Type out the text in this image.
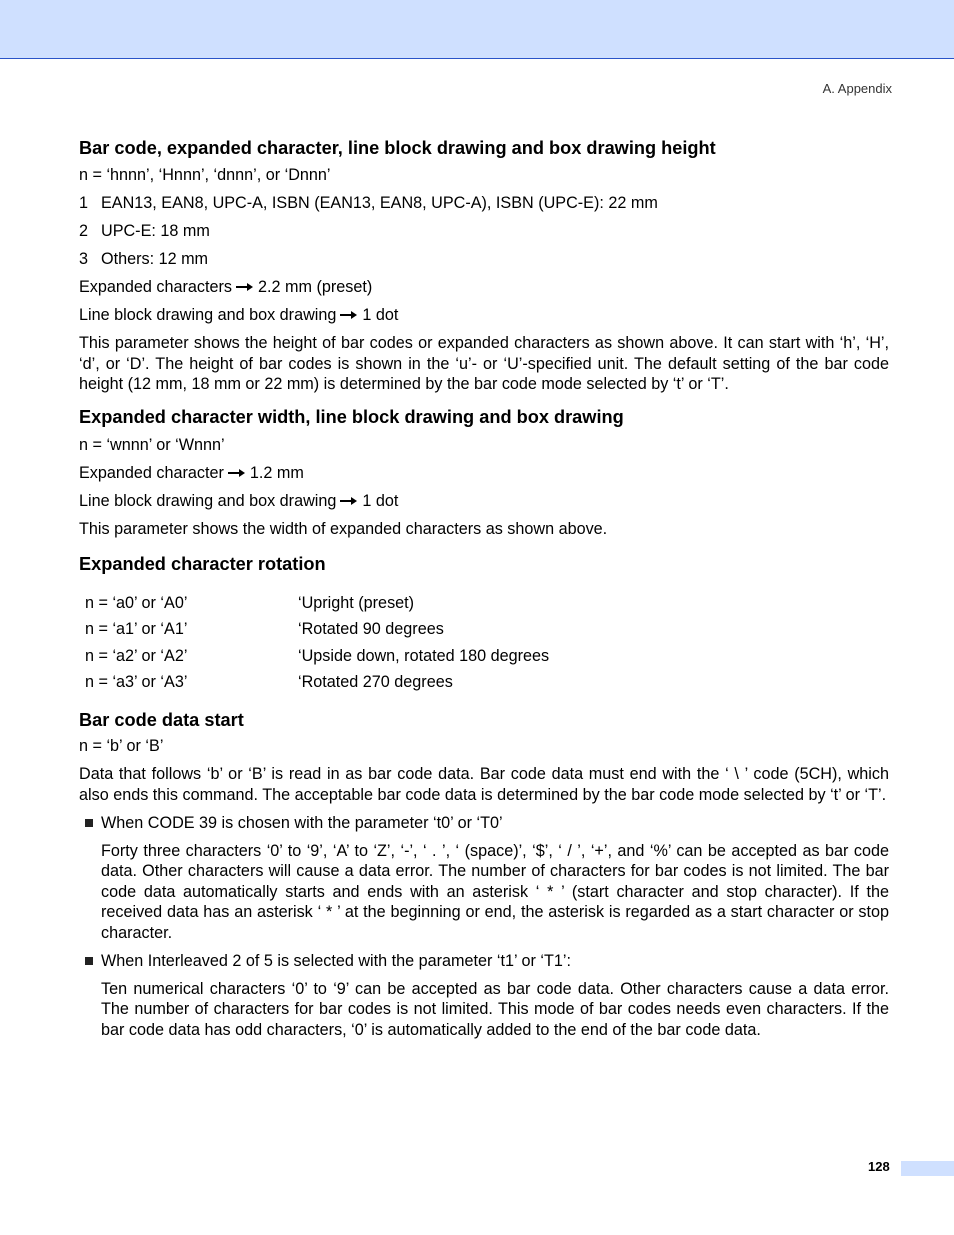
A. Appendix
Bar code, expanded character, line block drawing and box drawing height

n = ‘hnnn’, ‘Hnnn’, ‘dnnn’, or ‘Dnnn’

1 EAN13, EAN8, UPC-A, ISBN (EAN13, EAN8, UPC-A), ISBN (UPC-E): 22 mm
2 UPC-E: 18 mm
3 Others: 12 mm

Expanded characters 2.2 mm (preset)

Line block drawing and box drawing 1 dot

This parameter shows the height of bar codes or expanded characters as shown above. It can start with ‘h’, ‘H’, ‘d’, or ‘D’. The height of bar codes is shown in the ‘u’- or ‘U’-specified unit. The default setting of the bar code height (12 mm, 18 mm or 22 mm) is determined by the bar code mode selected by ‘t’ or ‘T’.

Expanded character width, line block drawing and box drawing

n = ‘wnnn’ or ‘Wnnn’

Expanded character 1.2 mm

Line block drawing and box drawing 1 dot

This parameter shows the width of expanded characters as shown above.

Expanded character rotation
n = ‘a0’ or ‘A0’	‘Upright (preset)
n = ‘a1’ or ‘A1’	‘Rotated 90 degrees
n = ‘a2’ or ‘A2’	‘Upside down, rotated 180 degrees
n = ‘a3’ or ‘A3’	‘Rotated 270 degrees
Bar code data start

n = ‘b’ or ‘B’

Data that follows ‘b’ or ‘B’ is read in as bar code data. Bar code data must end with the ‘ \ ’ code (5CH), which also ends this command. The acceptable bar code data is determined by the bar code mode selected by ‘t’ or ‘T’.

When CODE 39 is chosen with the parameter ‘t0’ or ‘T0’

Forty three characters ‘0’ to ‘9’, ‘A’ to ‘Z’, ‘-’, ‘ . ’, ‘ (space)’, ‘$’, ‘ / ’, ‘+’, and ‘%’ can be accepted as bar code data. Other characters will cause a data error. The number of characters for bar codes is not limited. The bar code data automatically starts and ends with an asterisk ‘ * ’ (start character and stop character). If the received data has an asterisk ‘ * ’ at the beginning or end, the asterisk is regarded as a start character or stop character.

When Interleaved 2 of 5 is selected with the parameter ‘t1’ or ‘T1’:

Ten numerical characters ‘0’ to ‘9’ can be accepted as bar code data. Other characters cause a data error. The number of characters for bar codes is not limited. This mode of bar codes needs even characters. If the bar code data has odd characters, ‘0’ is automatically added to the end of the bar code data.

128
